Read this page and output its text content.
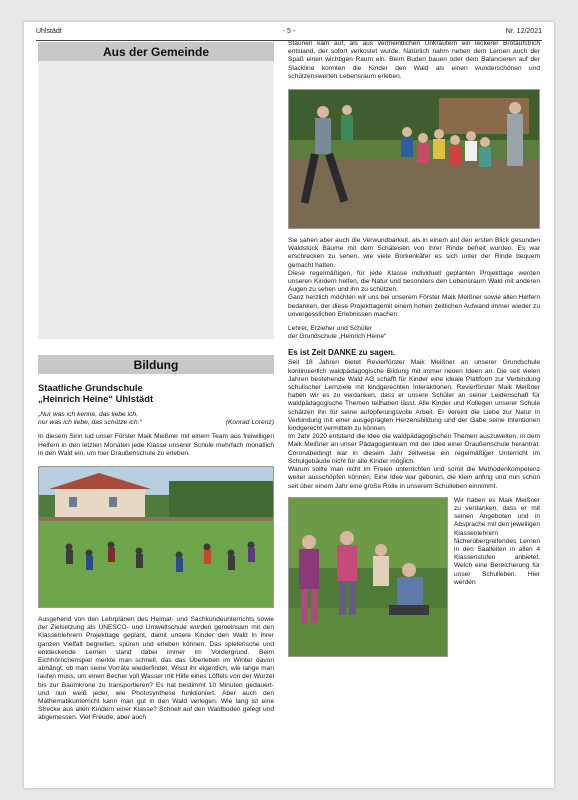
Uhlstädt	- 5 -	Nr. 12/2021
Aus der Gemeinde
Bildung
Staatliche Grundschule
„Heinrich Heine“ Uhlstädt
„Nur was ich kenne, das liebe ich,
nur was ich liebe, das schütze ich:“	(Konrad Lorenz)

In diesem Sinn lud unser Förster Maik Meißner mit einem Team aus freiwilligen Helfern in den letzten Monaten jede Klasse unserer Schule mehrfach monatlich in den Wald ein, um hier Draußenschule zu erleben.

Ausgehend von den Lehrplänen des Heimat- und Sachkundeunterrichts sowie der Zielsetzung als UNESCO- und Umweltschule wurden gemeinsam mit den Klassenlehrern Projekttage geplant, damit unsere Kinder den Wald in ihrer ganzen Vielfalt begreifen, spüren und erleben können. Das spielerische und entdeckende Lernen stand dabei immer im Vordergrund. Beim Eichhörnchenspiel merkte man schnell, das das Überleben im Winter davon abhängt, ob man seine Vorräte wiederfindet. Wisst ihr eigentlich, wie lange man laufen muss, um einen Becher voll Wasser mit Hilfe eines Löffels von der Wurzel bis zur Baumkrone zu transportieren? Es hat bestimmt 10 Minuten gedauert- und nun weiß jeder, wie Photosynthese funktioniert. Aber auch den Mathematikunterricht kann man gut in den Wald verlegen. Wie lang ist eine Strecke aus allen Kindern einer Klasse? Schnell auf den Waldboden gelegt und abgemessen. Viel Freude, aber auch

Staunen kam auf, als aus vermeintlichen Unkräutern ein leckerer Brotaufstrich entstand, der sofort verkostet wurde. Natürlich nahm neben dem Lernen auch der Spaß einen wichtigen Raum ein. Beim Buden bauen oder dem Balancieren auf der Slackline konnten die Kinder den Wald als einen wunderschönen und schützenswerten Lebensraum erleben.

Sie sahen aber auch die Verwundbarkeit, als in einem auf den ersten Blick gesunden Waldstück Bäume mit dem Schäleisen von ihrer Rinde befreit wurden. Es war erschrecken zu sehen, wie viele Borkenkäfer es sich unter der Rinde bequem gemacht hatten.

Diese regelmäßigen, für jede Klasse individuell geplanten Projekttage werden unseren Kindern helfen, die Natur und besonders den Lebensraum Wald mit anderen Augen zu sehen und ihn zu schützen.

Ganz herzlich möchten wir uns bei unserem Förster Maik Meißner sowie allen Helfern bedanken, der diese Projekttagemit einem hohen zeitlichen Aufwand immer wieder zu unvergesslichen Erlebnissen machen.

Lehrer, Erzieher und Schüler
der Grundschule „Heinrich Heine“
Es ist Zeit DANKE zu sagen.

Seit 18 Jahren bietet Revierförster Maik Meißner an unserer Grundschule kontinuierlich waldpädagogische Bildung mit immer neuen Ideen an. Die seit vielen Jahren bestehende Wald AG schafft für Kinder eine ideale Plattform zur Verbindung schulischer Lernziele mit kindgerechten Interaktionen. Revierförster Maik Meißner haben wir es zu verdanken, dass er unsere Schüler an seiner Leidenschaft für waldpädagogische Themen teilhaben lässt. Alle Kinder und Kollegen unserer Schule schätzen ihn für seine aufopferungsvolle Arbeit. Er vereint die Liebe zur Natur in Verbindung mit einer ausgeprägten Herzensbildung und der Gabe seine Intentionen kindgerecht vermitteln zu können.

Im Jahr 2020 entstand die Idee die waldpädagogischen Themen auszuweiten, in dem Maik Meißner an unser Pädagogenteam mit der Idee einer Draußenschule herantrat. Coronabedingt war in diesem Jahr zeitweise ein regelmäßiger Unterricht im Schulgebäude nicht für alle Kinder möglich.

Warum sollte man nicht im Freien unterrichten und somit die Methodenkompetenz weiter ausschöpfen können. Eine Idee war geboren, die klein anfing und nun schon seit über einem Jahr eine große Rolle in unserem Schulleben einnimmt.

Wir haben es Maik Meißner zu verdanken, dass er mit seinen Angeboten und in Absprache mit den jeweiligen Klassenlehrern fächerübergreifendes Lernen in den Saalleiten in allen 4 Klassenstufen anbietet. Welch eine Bereicherung für unser Schulleben. Hier werden
